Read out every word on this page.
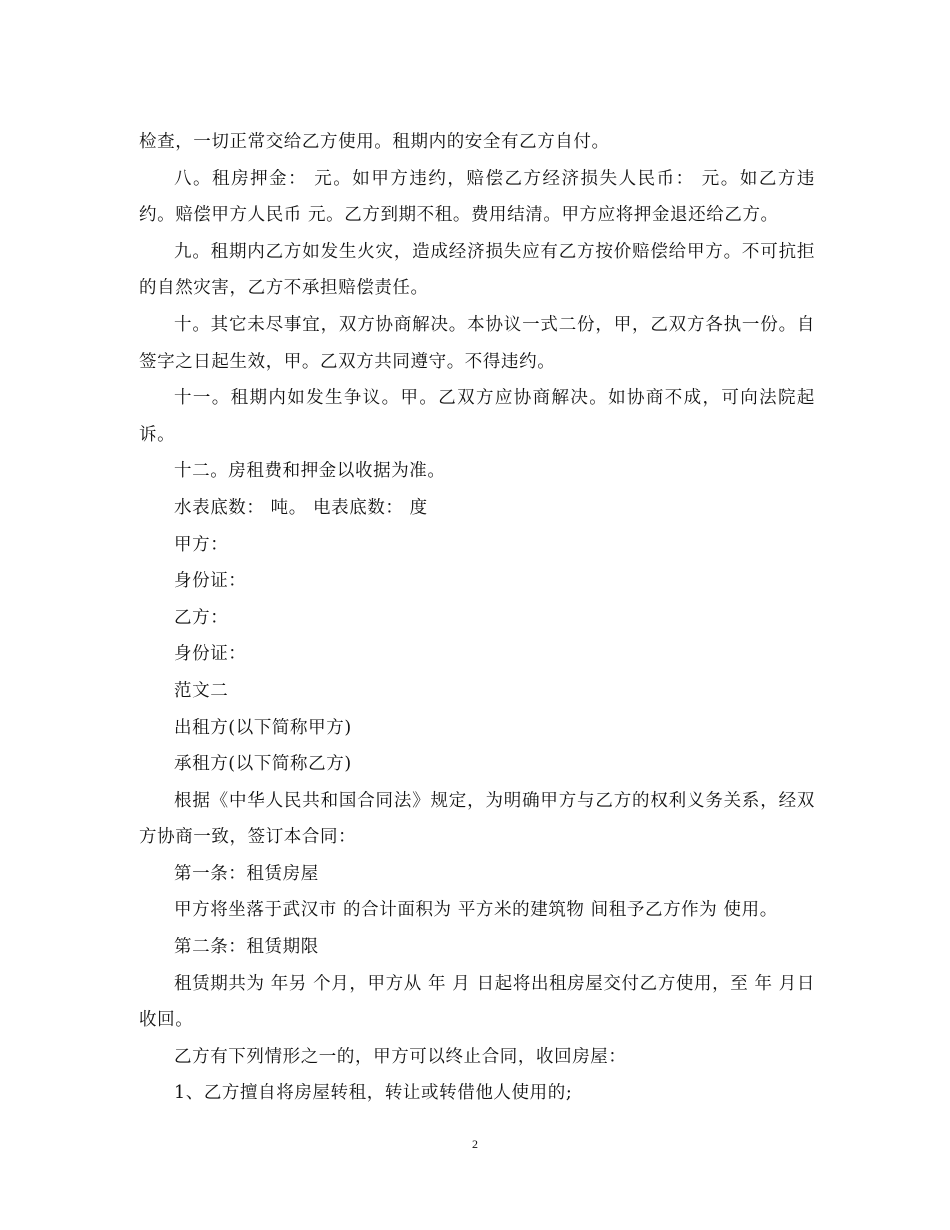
检查，一切正常交给乙方使用。租期内的安全有乙方自付。

八。租房押金： 元。如甲方违约，赔偿乙方经济损失人民币： 元。如乙方违约。赔偿甲方人民币 元。乙方到期不租。费用结清。甲方应将押金退还给乙方。

九。租期内乙方如发生火灾，造成经济损失应有乙方按价赔偿给甲方。不可抗拒的自然灾害，乙方不承担赔偿责任。

十。其它未尽事宜，双方协商解决。本协议一式二份，甲，乙双方各执一份。自签字之日起生效，甲。乙双方共同遵守。不得违约。

十一。租期内如发生争议。甲。乙双方应协商解决。如协商不成，可向法院起诉。

十二。房租费和押金以收据为准。

水表底数： 吨。 电表底数： 度

甲方：

身份证：

乙方：

身份证：

范文二

出租方(以下简称甲方)

承租方(以下简称乙方)

根据《中华人民共和国合同法》规定，为明确甲方与乙方的权利义务关系，经双方协商一致，签订本合同：

第一条：租赁房屋

甲方将坐落于武汉市 的合计面积为 平方米的建筑物 间租予乙方作为 使用。

第二条：租赁期限

租赁期共为 年另 个月，甲方从 年 月 日起将出租房屋交付乙方使用，至 年 月日收回。

乙方有下列情形之一的，甲方可以终止合同，收回房屋：

1、乙方擅自将房屋转租，转让或转借他人使用的;

2
